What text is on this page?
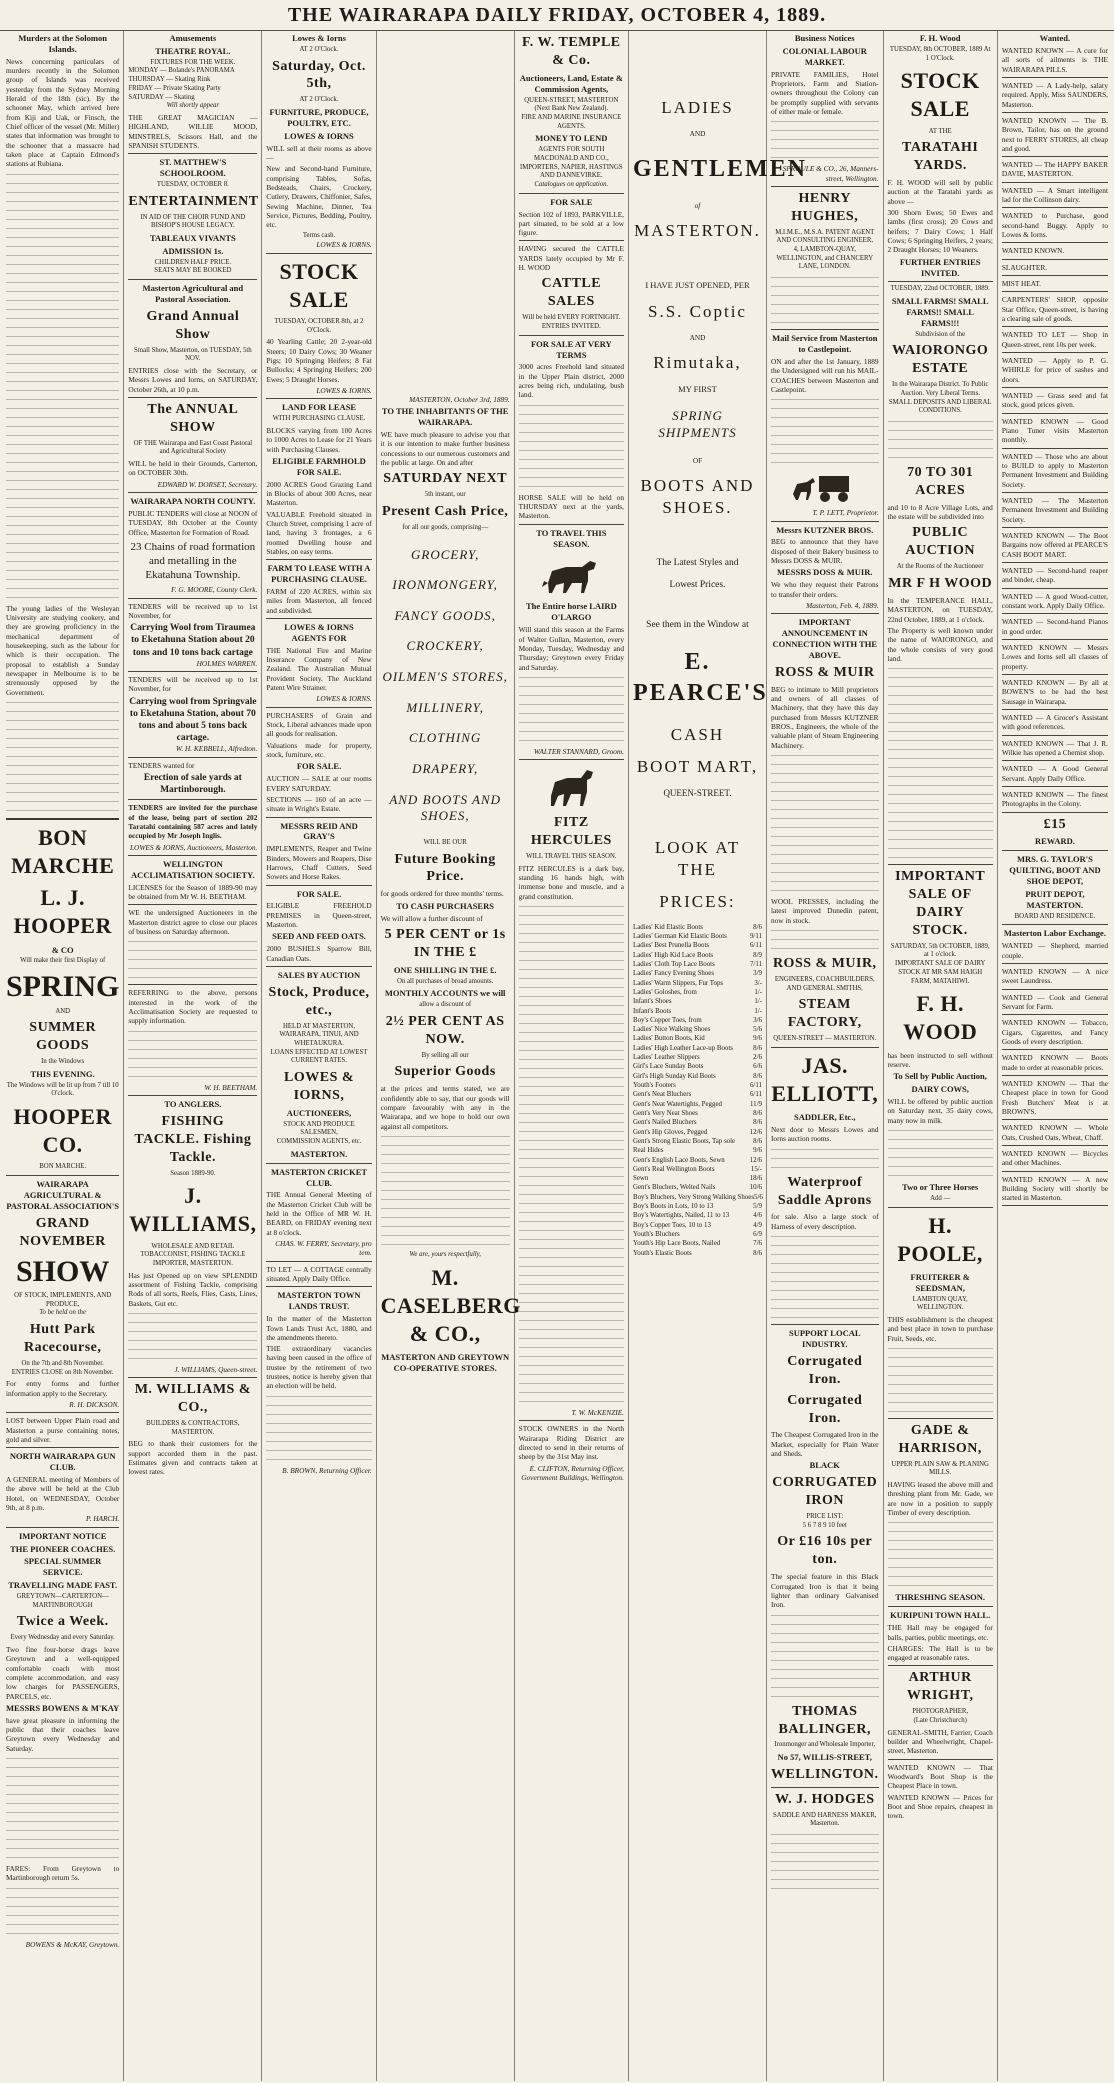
THE WAIRARAPA DAILY FRIDAY, OCTOBER 4, 1889.
Murders at the Solomon Islands.
News concerning particulars of murders recently in the Solomon group of Islands was received yesterday from the Sydney Morning Herald of the 18th (sic). By the schooner May, which arrived here from Kiji and Uak, or Finsch, the Chief officer of the vessel (Mr. Miller) states that information was brought to the schooner that a massacre had taken place at Captain Edmond's stations at Rubiana.
The young ladies of the Wesleyan University are studying cookery, and they are growing proficiency in the mechanical department of housekeeping, such as the labour for which is their occupation. The proposal to establish a Sunday newspaper in Melbourne is to be strenuously opposed by the Government.
BON MARCHE
L. J. HOOPER
& CO
Will make their first Display of
SPRING
AND
SUMMER GOODS
In the Windows
THIS EVENING.
The Windows will be lit up from 7 till 10 O'clock.
HOOPER CO.
BON MARCHE.
WAIRARAPA AGRICULTURAL & PASTORAL ASSOCIATION'S
GRAND NOVEMBER
SHOW
OF STOCK, IMPLEMENTS, AND PRODUCE,
To be held on the
Hutt Park Racecourse,
On the 7th and 8th November.
ENTRIES CLOSE on 8th November.
For entry forms and further information apply to the Secretary.
R. H. DICKSON.
LOST between Upper Plain road and Masterton a purse containing notes, gold and silver.
NORTH WAIRARAPA GUN CLUB.
A GENERAL meeting of Members of the above will be held at the Club Hotel, on WEDNESDAY, October 9th, at 8 p.m.
P. HARCH.
IMPORTANT NOTICE
THE PIONEER COACHES.
SPECIAL SUMMER SERVICE.
TRAVELLING MADE FAST.
GREYTOWN—CARTERTON—MARTINBOROUGH
Twice a Week.
Every Wednesday and every Saturday.
Two fine four-horse drags leave Greytown and a well-equipped comfortable coach with most complete accommodation, and easy low charges for PASSENGERS, PARCELS, etc.
MESSRS BOWENS & M'KAY
have great pleasure in informing the public that their coaches leave Greytown every Wednesday and Saturday.
FARES: From Greytown to Martinborough return 5s.
BOWENS & McKAY, Greytown.
Amusements
THEATRE ROYAL.
FIXTURES FOR THE WEEK.
MONDAY — Bolande's PANORAMA
THURSDAY — Skating Rink
FRIDAY — Private Skating Party
SATURDAY — Skating
Will shortly appear
THE GREAT MAGICIAN — HIGHLAND, WILLIE MOOD, MINSTRELS, Scissors Hall, and the SPANISH STUDENTS.
ST. MATTHEW'S SCHOOLROOM.
TUESDAY, OCTOBER 8.
ENTERTAINMENT
IN AID OF THE CHOIR FUND AND BISHOP'S HOUSE LEGACY.
TABLEAUX VIVANTS
ADMISSION 1s.
CHILDREN HALF PRICE.
SEATS MAY BE BOOKED
Masterton Agricultural and Pastoral Association.
Grand Annual Show
Small Show, Masterton, on TUESDAY, 5th NOV.
ENTRIES close with the Secretary, or Messrs Lowes and Iorns, on SATURDAY, October 26th, at 10 p.m.
The ANNUAL SHOW
OF THE Wairarapa and East Coast Pastoral and Agricultural Society
WILL be held in their Grounds, Carterton, on OCTOBER 30th.
EDWARD W. DORSET, Secretary.
WAIRARAPA NORTH COUNTY.
PUBLIC TENDERS will close at NOON of TUESDAY, 8th October at the County Office, Masterton for Formation of Road.
23 Chains of road formation and metalling in the Ekatahuna Township.
F. G. MOORE, County Clerk.
TENDERS will be received up to 1st November, for
Carrying Wool from Tiraumea to Eketahuna Station about 20 tons and 10 tons back cartage
HOLMES WARREN.
TENDERS will be received up to 1st November, for
Carrying wool from Springvale to Eketahuna Station, about 70 tons and about 5 tons back cartage.
W. H. KEBBELL, Alfredton.
TENDERS wanted for
Erection of sale yards at Martinborough.
TENDERS are invited for the purchase of the lease, being part of section 202 Taratahi containing 587 acres and lately occupied by Mr Joseph Inglis.
LOWES & IORNS, Auctioneers, Masterton.
WELLINGTON ACCLIMATISATION SOCIETY.
LICENSES for the Season of 1889-90 may be obtained from Mr W. H. BEETHAM.
WE the undersigned Auctioneers in the Masterton district agree to close our places of business on Saturday afternoon.
REFERRING to the above, persons interested in the work of the Acclimatisation Society are requested to supply information.
W. H. BEETHAM.
TO ANGLERS.
FISHING TACKLE. Fishing Tackle.
Season 1889-90.
J. WILLIAMS,
WHOLESALE AND RETAIL TOBACCONIST, FISHING TACKLE IMPORTER, MASTERTON.
Has just Opened up on view SPLENDID assortment of Fishing Tackle, comprising Rods of all sorts, Reels, Flies, Casts, Lines, Baskets, Gut etc.
J. WILLIAMS, Queen-street.
M. WILLIAMS & CO.,
BUILDERS & CONTRACTORS, MASTERTON.
BEG to thank their customers for the support accorded them in the past. Estimates given and contracts taken at lowest rates.
Lowes & Iorns
AT 2 O'Clock.
Saturday, Oct. 5th,
AT 2 O'Clock.
FURNITURE, PRODUCE, POULTRY, ETC.
LOWES & IORNS
WILL sell at their rooms as above—
New and Second-hand Furniture, comprising Tables, Sofas, Bedsteads, Chairs, Crockery, Cutlery, Drawers, Chiffonier, Safes, Sewing Machine, Dinner, Tea Service, Pictures, Bedding, Poultry, etc.
Terms cash.
LOWES & IORNS.
STOCK SALE
TUESDAY, OCTOBER 8th, at 2 O'Clock.
40 Yearling Cattle; 20 2-year-old Steers; 10 Dairy Cows; 30 Weaner Pigs; 10 Springing Heifers; 8 Fat Bullocks; 4 Springing Heifers; 200 Ewes; 5 Draught Horses.
LOWES & IORNS.
LAND FOR LEASE
WITH PURCHASING CLAUSE.
BLOCKS varying from 100 Acres to 1000 Acres to Lease for 21 Years with Purchasing Clauses.
ELIGIBLE FARMHOLD FOR SALE.
2000 ACRES Good Grazing Land in Blocks of about 300 Acres, near Masterton.
VALUABLE Freehold situated in Church Street, comprising 1 acre of land, having 3 frontages, a 6 roomed Dwelling house and Stables, on easy terms.
FARM TO LEASE WITH A PURCHASING CLAUSE.
FARM of 220 ACRES, within six miles from Masterton, all fenced and subdivided.
LOWES & IORNS AGENTS FOR
THE National Fire and Marine Insurance Company of New Zealand. The Australian Mutual Provident Society. The Auckland Patent Wire Strainer.
LOWES & IORNS.
PURCHASERS of Grain and Stock, Liberal advances made upon all goods for realisation.
Valuations made for property, stock, furniture, etc.
FOR SALE.
AUCTION — SALE at our rooms EVERY SATURDAY.
SECTIONS — 160 of an acre — situate in Wright's Estate.
MESSRS REID AND GRAY'S
IMPLEMENTS, Reaper and Twine Binders, Mowers and Reapers, Dise Harrows, Chaff Cutters, Seed Sowers and Horse Rakes.
FOR SALE.
ELIGIBLE FREEHOLD PREMISES in Queen-street, Masterton.
SEED AND FEED OATS.
2000 BUSHELS Sparrow Bill, Canadian Oats.
SALES BY AUCTION
Stock, Produce, etc.,
HELD AT MASTERTON, WAIRARAPA, TINUI, AND WHETAUKURA.
LOANS EFFECTED AT LOWEST CURRENT RATES.
LOWES & IORNS,
AUCTIONEERS,
STOCK AND PRODUCE SALESMEN,
COMMISSION AGENTS, etc.
MASTERTON.
MASTERTON CRICKET CLUB.
THE Annual General Meeting of the Masterton Cricket Club will be held in the Office of MR W. H. BEARD, on FRIDAY evening next at 8 o'clock.
CHAS. W. FERRY, Secretary, pro tem.
TO LET — A COTTAGE centrally situated. Apply Daily Office.
MASTERTON TOWN LANDS TRUST.
In the matter of the Masterton Town Lands Trust Act, 1880, and the amendments thereto.
THE extraordinary vacancies having been caused in the office of trustee by the retirement of two trustees, notice is hereby given that an election will be held.
B. BROWN, Returning Officer.
MASTERTON, October 3rd, 1889.
TO THE INHABITANTS OF THE WAIRARAPA.
WE have much pleasure to advise you that it is our intention to make further business concessions to our numerous customers and the public at large. On and after
SATURDAY NEXT
5th instant, our
Present Cash Price,
for all our goods, comprising—
GROCERY,
IRONMONGERY,
FANCY GOODS,
CROCKERY,
OILMEN'S STORES,
MILLINERY,
CLOTHING
DRAPERY,
AND BOOTS AND SHOES,
WILL BE OUR
Future Booking Price.
for goods ordered for three months' terms.
TO CASH PURCHASERS
We will allow a further discount of
5 PER CENT or 1s IN THE £
ONE SHILLING IN THE £.
On all purchases of broad amounts.
MONTHLY ACCOUNTS we will
allow a discount of
2½ PER CENT AS NOW.
By selling all our
Superior Goods
at the prices and terms stated, we are confidently able to say, that our goods will compare favourably with any in the Wairarapa, and we hope to hold our own against all competitors.
We are, yours respectfully,
M. CASELBERG & CO.,
MASTERTON AND GREYTOWN CO-OPERATIVE STORES.
F. W. TEMPLE & Co.
Auctioneers, Land, Estate & Commission Agents,
QUEEN-STREET, MASTERTON (Next Bank New Zealand).
FIRE AND MARINE INSURANCE AGENTS.
MONEY TO LEND
AGENTS FOR SOUTH MACDONALD AND CO., IMPORTERS, NAPIER, HASTINGS AND DANNEVIRKE.
Catalogues on application.
FOR SALE
Section 102 of 1893, PARKVILLE, part situated, to be sold at a low figure.
HAVING secured the CATTLE YARDS lately occupied by Mr F. H. WOOD
CATTLE SALES
Will be held EVERY FORTNIGHT.
ENTRIES INVITED.
FOR SALE AT VERY TERMS
3000 acres Freehold land situated in the Upper Plain district, 2000 acres being rich, undulating, bush land.
HORSE SALE will be held on THURSDAY next at the yards, Masterton.
TO TRAVEL THIS SEASON.
The Entire horse LAIRD O'LARGO
Will stand this season at the Farms of Walter Gullan, Masterton, every Monday, Tuesday, Wednesday and Thursday; Greytown every Friday and Saturday.
WALTER STANNARD, Groom.
FITZ HERCULES
WILL TRAVEL THIS SEASON.
FITZ HERCULES is a dark bay, standing 16 hands high, with immense bone and muscle, and a grand constitution.
T. W. McKENZIE.
STOCK OWNERS in the North Wairarapa Riding District are directed to send in their returns of sheep by the 31st May inst.
E. CLIFTON, Returning Officer, Government Buildings, Wellington.
LADIES
AND
GENTLEMEN
of
MASTERTON.
I HAVE JUST OPENED, PER
S.S. Coptic
AND
Rimutaka,
MY FIRST
SPRING SHIPMENTS
OF
BOOTS AND SHOES.
The Latest Styles and
Lowest Prices.
See them in the Window at
E. PEARCE'S
CASH
BOOT MART,
QUEEN-STREET.
LOOK AT THE
PRICES:
Ladies' Kid Elastic Boots	8/6
Ladies' German Kid Elastic Boots	9/11
Ladies' Best Prunella Boots	6/11
Ladies' High Kid Lace Boots	8/9
Ladies' Cloth Top Lace Boots	7/11
Ladies' Fancy Evening Shoes	3/9
Ladies' Warm Slippers, Fur Tops	3/-
Ladies' Goloshes, from	1/-
Infant's Shoes	1/-
Infant's Boots	1/-
Boy's Copper Toes, from	3/6
Ladies' Nice Walking Shoes	5/6
Ladies' Button Boots, Kid	9/6
Ladies' High Leather Lace-up Boots	8/6
Ladies' Leather Slippers	2/6
Girl's Lace Sunday Boots	6/6
Girl's High Sunday Kid Boots	8/6
Youth's Footers	6/11
Gent's Neat Bluchers	6/11
Gent's Neat Watertights, Pegged	11/9
Gent's Very Neat Shoes	8/6
Gent's Nailed Bluchers	8/6
Gent's Hip Gloves, Pegged	12/6
Gent's Strong Elastic Boots, Tap sole	8/6
Real Hides	9/6
Gent's English Lace Boots, Sewn	12/6
Gent's Real Wellington Boots	15/-
Sewn	18/6
Gent's Bluchers, Welted Nails	10/6
Boy's Bluchers, Very Strong Walking Shoes 5/6
Boy's Boots in Lots, 10 to 13	5/9
Boy's Watertights, Nailed, 11 to 13	4/6
Boy's Copper Toes, 10 to 13	4/9
Youth's Bluchers	6/9
Youth's Hip Lace Boots, Nailed	7/6
Youth's Elastic Boots	8/6
Business Notices
COLONIAL LABOUR MARKET.
PRIVATE FAMILIES, Hotel Proprietors, Farm and Station-owners throughout the Colony can be promptly supplied with servants of either male or female.
SPROULE & CO., 26, Manners-street, Wellington.
HENRY HUGHES,
M.I.M.E., M.S.A. PATENT AGENT AND CONSULTING ENGINEER,
4, LAMBTON-QUAY, WELLINGTON, and CHANCERY LANE, LONDON.
Mail Service from Masterton to Castlepoint.
ON and after the 1st January, 1889 the Undersigned will run his MAIL-COACHES between Masterton and Castlepoint.
T. P. LETT, Proprietor.
Messrs KUTZNER BROS.
BEG to announce that they have disposed of their Bakery business to Messrs DOSS & MUIR.
MESSRS DOSS & MUIR.
We who they request their Patrons to transfer their orders.
Masterton, Feb. 4, 1889.
IMPORTANT ANNOUNCEMENT IN CONNECTION WITH THE ABOVE.
ROSS & MUIR
BEG to intimate to Mill proprietors and owners of all classes of Machinery, that they have this day purchased from Messrs KUTZNER BROS., Engineers, the whole of the valuable plant of Steam Engineering Machinery.
WOOL PRESSES, including the latest improved Dunedin patent, now in stock.
ROSS & MUIR,
ENGINEERS, COACHBUILDERS, AND GENERAL SMITHS,
STEAM FACTORY,
QUEEN-STREET — MASTERTON.
JAS. ELLIOTT,
SADDLER, Etc.,
Next door to Messrs Lowes and Iorns auction rooms.
Waterproof Saddle Aprons
for sale. Also a large stock of Harness of every description.
SUPPORT LOCAL INDUSTRY.
Corrugated Iron.
Corrugated Iron.
The Cheapest Corrugated Iron in the Market, especially for Plain Water and Sheds.
BLACK
CORRUGATED IRON
PRICE LIST:
5 6 7 8 9 10 feet
Or £16 10s per ton.
The special feature in this Black Corrugated Iron is that it being lighter than ordinary Galvanised Iron.
THOMAS BALLINGER,
Ironmonger and Wholesale Importer,
No 57, WILLIS-STREET,
WELLINGTON.
W. J. HODGES
SADDLE AND HARNESS MAKER, Masterton.
F. H. Wood
TUESDAY, 8th OCTOBER, 1889 At 1 O'Clock.
STOCK SALE
AT THE
TARATAHI YARDS.
F. H. WOOD will sell by public auction at the Taratahi yards as above —
300 Shorn Ewes; 50 Ewes and lambs (first cross); 20 Cows and heifers; 7 Dairy Cows; 1 Half Cows; 6 Springing Heifers, 2 years; 2 Draught Horses; 10 Weaners.
FURTHER ENTRIES INVITED.
TUESDAY, 22nd OCTOBER, 1889.
SMALL FARMS! SMALL FARMS!! SMALL FARMS!!!
Subdivision of the
WAIORONGO ESTATE
In the Wairarapa District. To Public Auction. Very Liberal Terms.
SMALL DEPOSITS AND LIBERAL CONDITIONS.
70 TO 301 ACRES
and 10 to 8 Acre Village Lots, and the estate will be subdivided into
PUBLIC AUCTION
At the Rooms of the Auctioneer
MR F H WOOD
In the TEMPERANCE HALL, MASTERTON, on TUESDAY, 22nd October, 1889, at 1 o'clock.
The Property is well known under the name of WAIORONGO, and the whole consists of very good land.
IMPORTANT SALE OF DAIRY STOCK.
SATURDAY, 5th OCTOBER, 1889, at 1 o'clock.
IMPORTANT SALE OF DAIRY STOCK AT MR SAM HAIGH FARM, MATAHIWI.
F. H. WOOD
has been instructed to sell without reserve.
To Sell by Public Auction,
DAIRY COWS,
WILL be offered by public auction on Saturday next, 35 dairy cows, many now in milk.
Two or Three Horses
Add —
H. POOLE,
FRUITERER & SEEDSMAN,
LAMBTON QUAY,
WELLINGTON.
THIS establishment is the cheapest and best place in town to purchase Fruit, Seeds, etc.
GADE & HARRISON,
UPPER PLAIN SAW & PLANING MILLS.
HAVING leased the above mill and threshing plant from Mr. Gade, we are now in a position to supply Timber of every description.
THRESHING SEASON.
KURIPUNI TOWN HALL.
THE Hall may be engaged for balls, parties, public meetings, etc.
CHARGES: The Hall is to be engaged at reasonable rates.
ARTHUR WRIGHT,
PHOTOGRAPHER,
(Late Christchurch)
GENERAL-SMITH, Farrier, Coach builder and Wheelwright, Chapel-street, Masterton.
WANTED KNOWN — That Woodward's Boot Shop is the Cheapest Place in town.
WANTED KNOWN — Prices for Boot and Shoe repairs, cheapest in town.
Wanted.
WANTED KNOWN — A cure for all sorts of ailments is THE WAIRARAPA PILLS.
WANTED — A Lady-help, salary required. Apply, Miss SAUNDERS, Masterton.
WANTED KNOWN — The B. Brown, Tailor, has on the ground next to FERRY STORES, all cheap and good.
WANTED — The HAPPY BAKER DAVIE, MASTERTON.
WANTED — A Smart intelligent lad for the Collinson dairy.
WANTED to Purchase, good second-hand Buggy. Apply to Lowes & Iorns.
WANTED KNOWN.
SLAUGHTER.
MIST HEAT.
CARPENTERS' SHOP, opposite Star Office, Queen-street, is having a clearing sale of goods.
WANTED TO LET — Shop in Queen-street, rent 10s per week.
WANTED — Apply to P. G. WHIRLE for price of sashes and doors.
WANTED — Grass seed and fat stock, good prices given.
WANTED KNOWN — Good Piano Tuner visits Masterton monthly.
WANTED — Those who are about to BUILD to apply to Masterton Permanent Investment and Building Society.
WANTED — The Masterton Permanent Investment and Building Society.
WANTED KNOWN — The Boot Bargains now offered at PEARCE'S CASH BOOT MART.
WANTED — Second-hand reaper and binder, cheap.
WANTED — A good Wood-cutter, constant work. Apply Daily Office.
WANTED — Second-hand Pianos in good order.
WANTED KNOWN — Messrs Lowes and Iorns sell all classes of property.
WANTED KNOWN — By all at BOWEN'S to be had the best Sausage in Wairarapa.
WANTED — A Grocer's Assistant with good references.
WANTED KNOWN — That J. R. Wilkie has opened a Chemist shop.
WANTED — A Good General Servant. Apply Daily Office.
WANTED KNOWN — The finest Photographs in the Colony.
£15
REWARD.
MRS. G. TAYLOR'S QUILTING, BOOT AND SHOE DEPOT,
PRUIT DEPOT, MASTERTON.
BOARD AND RESIDENCE.
Masterton Labor Exchange.
WANTED — Shepherd, married couple.
WANTED KNOWN — A nice sweet Laundress.
WANTED — Cook and General Servant for Farm.
WANTED KNOWN — Tobacco, Cigars, Cigarettes, and Fancy Goods of every description.
WANTED KNOWN — Boots made to order at reasonable prices.
WANTED KNOWN — That the Cheapest place in town for Good Fresh Butchers' Meat is at BROWN'S.
WANTED KNOWN — Whole Oats, Crushed Oats, Wheat, Chaff.
WANTED KNOWN — Bicycles and other Machines.
WANTED KNOWN — A new Building Society will shortly be started in Masterton.
